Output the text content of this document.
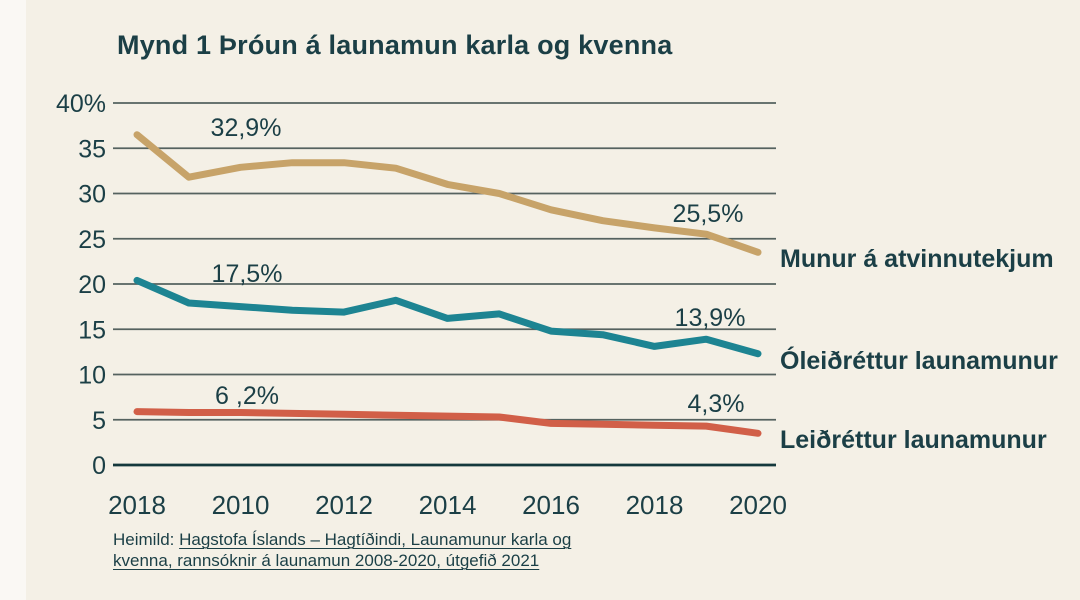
Mynd 1 Þróun á launamun karla og kvenna
0
5
10
15
20
25
30
35
40%
2018 2010 2012 2014 2016 2018 2020
32,9%
25,5%
17,5%
13,9%
6 ,2%	4,3%
Munur á atvinnutekjum
Óleiðréttur launamunur
Leiðréttur launamunur

Heimild: Hagstofa Íslands – Hagtíðindi, Launamunur karla og
kvenna, rannsóknir á launamun 2008-2020, útgefið 2021
